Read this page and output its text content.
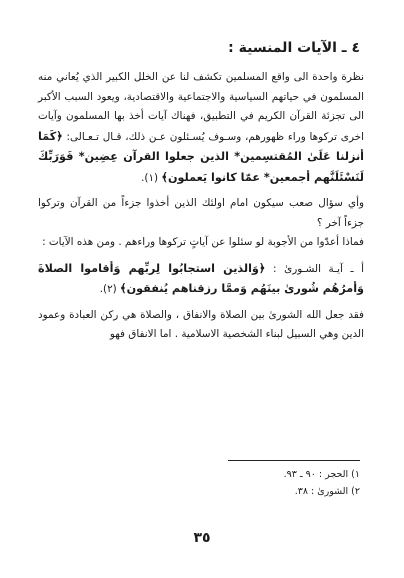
٤ ـ الآيات المنسية :

نظرة واحدة الى واقع المسلمين تكشف لنا عن الخلل الكبير الذي يُعاني منه المسلمون في حياتهم السياسية والاجتماعية والاقتصادية، ويعود السبب الأكبر الى تجزئة القرآن الكريم في التطبيق، فهناك آيات أخذ بها المسلمون وآيات اخرى تركوها وراء ظهورهم، وسـوف يُسـئلون عـن ذلك، قـال تـعـالى: ﴿كَمَا أنزلنا عَلَىٰ المُقتسِمين* الذين جعلوا القرآن عِضِين* فَوَرَبِّكَ لَنَسْئَلَنَّهم أجمعين* عمّا كانوا يَعملون﴾ (١).

وأي سؤال صعب سيكون امام اولئك الذين أخذوا جزءاً من القرآن وتركوا جزءاً آخر ؟

فماذا أعدّوا من الأجوبة لو سئلوا عن آياتٍ تركوها وراءهم . ومن هذه الآيات :

أ ـ آيـة الشـورىٰ : ﴿وَالذين استجابُوا لِربِّهم وَأقاموا الصلاةَ وَأمرُهُم شُورىٰ بينَهُم وَممَّا رزقناهم يُنفقون﴾ (٢).

فقد جعل الله الشورىٰ بين الصلاة والانفاق ، والصلاة هي ركن العبادة وعمود الدين وهي السبيل لبناء الشخصية الاسلامية . اما الانفاق فهو

١) الحجر : ٩٠ ـ ٩٣.
٢) الشورىٰ : ٣٨.
٣٥
